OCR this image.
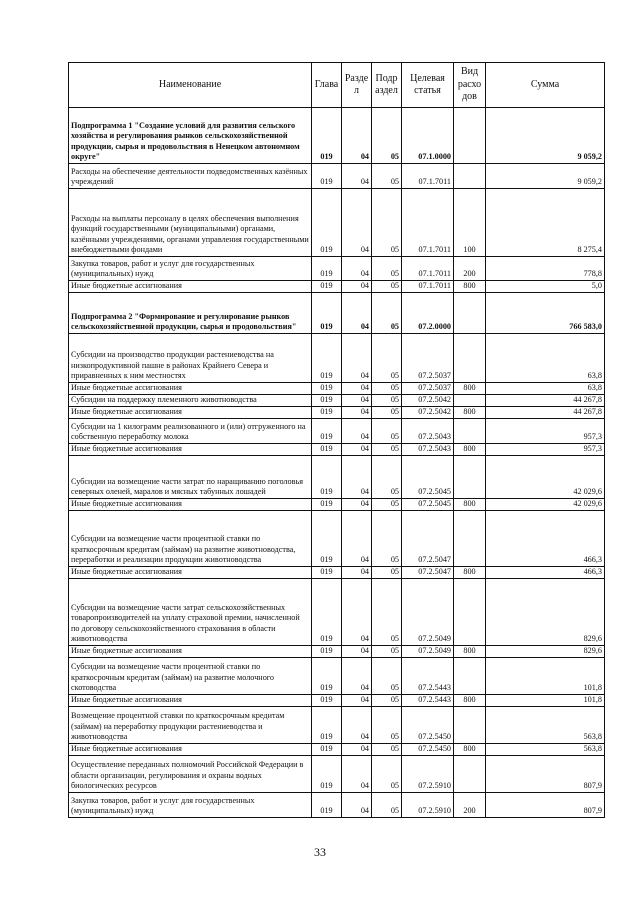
Наименование	Глава	Разде л	Подр аздел	Целевая статья	Вид расхо дов	Сумма
Подпрограмма 1 "Создание условий для развития сельского хозяйства и регулирования рынков сельскохозяйственной продукции, сырья и продовольствия в Ненецком автономном округе"	019	04	05	07.1.0000		9 059,2
Расходы на обеспечение деятельности подведомственных казённых учреждений	019	04	05	07.1.7011		9 059,2
Расходы на выплаты персоналу в целях обеспечения выполнения функций государственными (муниципальными) органами, казёнными учреждениями, органами управления государственными внебюджетными фондами	019	04	05	07.1.7011	100	8 275,4
Закупка товаров, работ и услуг для государственных (муниципальных) нужд	019	04	05	07.1.7011	200	778,8
Иные бюджетные ассигнования	019	04	05	07.1.7011	800	5,0
Подпрограмма 2 "Формирование и регулирование рынков сельскохозяйственной продукции, сырья и продовольствия"	019	04	05	07.2.0000		766 583,0
Субсидии на производство продукции растениеводства на низкопродуктивной пашне в районах Крайнего Севера и приравненных к ним местностях	019	04	05	07.2.5037		63,8
Иные бюджетные ассигнования	019	04	05	07.2.5037	800	63,8
Субсидии на поддержку племенного животноводства	019	04	05	07.2.5042		44 267,8
Иные бюджетные ассигнования	019	04	05	07.2.5042	800	44 267,8
Субсидии на 1 килограмм реализованного и (или) отгруженного на собственную переработку молока	019	04	05	07.2.5043		957,3
Иные бюджетные ассигнования	019	04	05	07.2.5043	800	957,3
Субсидии на возмещение части затрат по наращиванию поголовья северных оленей, маралов и мясных табунных лошадей	019	04	05	07.2.5045		42 029,6
Иные бюджетные ассигнования	019	04	05	07.2.5045	800	42 029,6
Субсидии на возмещение части процентной ставки по краткосрочным кредитам (займам) на развитие животноводства, переработки и реализации продукции животноводства	019	04	05	07.2.5047		466,3
Иные бюджетные ассигнования	019	04	05	07.2.5047	800	466,3
Субсидии на возмещение части затрат сельскохозяйственных товаропроизводителей на уплату страховой премии, начисленной по договору сельскохозяйственного страхования в области животноводства	019	04	05	07.2.5049		829,6
Иные бюджетные ассигнования	019	04	05	07.2.5049	800	829,6
Субсидии на возмещение части процентной ставки по краткосрочным кредитам (займам) на развитие молочного скотоводства	019	04	05	07.2.5443		101,8
Иные бюджетные ассигнования	019	04	05	07.2.5443	800	101,8
Возмещение процентной ставки по краткосрочным кредитам (займам) на переработку продукции растениеводства и животноводства	019	04	05	07.2.5450		563,8
Иные бюджетные ассигнования	019	04	05	07.2.5450	800	563,8
Осуществление переданных полномочий Российской Федерации в области организации, регулирования и охраны водных биологических ресурсов	019	04	05	07.2.5910		807,9
Закупка товаров, работ и услуг для государственных (муниципальных) нужд	019	04	05	07.2.5910	200	807,9
33
